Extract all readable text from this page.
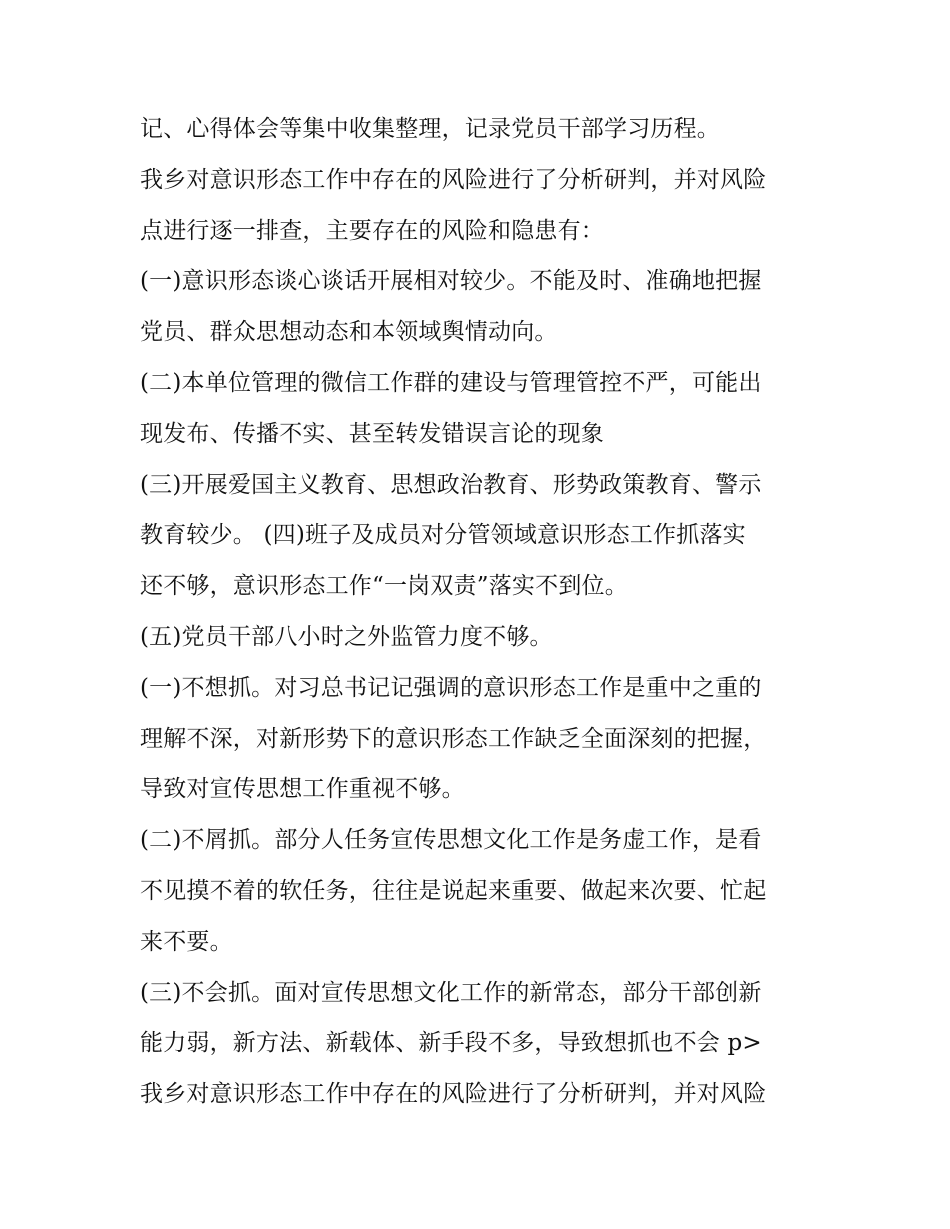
记、心得体会等集中收集整理，记录党员干部学习历程。
我乡对意识形态工作中存在的风险进行了分析研判，并对风险
点进行逐一排查，主要存在的风险和隐患有：
(一)意识形态谈心谈话开展相对较少。不能及时、准确地把握
党员、群众思想动态和本领域舆情动向。
(二)本单位管理的微信工作群的建设与管理管控不严，可能出
现发布、传播不实、甚至转发错误言论的现象
(三)开展爱国主义教育、思想政治教育、形势政策教育、警示
教育较少。 (四)班子及成员对分管领域意识形态工作抓落实
还不够，意识形态工作“一岗双责”落实不到位。
(五)党员干部八小时之外监管力度不够。
(一)不想抓。对习总书记记强调的意识形态工作是重中之重的
理解不深，对新形势下的意识形态工作缺乏全面深刻的把握，
导致对宣传思想工作重视不够。
(二)不屑抓。部分人任务宣传思想文化工作是务虚工作，是看
不见摸不着的软任务，往往是说起来重要、做起来次要、忙起
来不要。
(三)不会抓。面对宣传思想文化工作的新常态，部分干部创新
能力弱，新方法、新载体、新手段不多，导致想抓也不会 p>
我乡对意识形态工作中存在的风险进行了分析研判，并对风险
